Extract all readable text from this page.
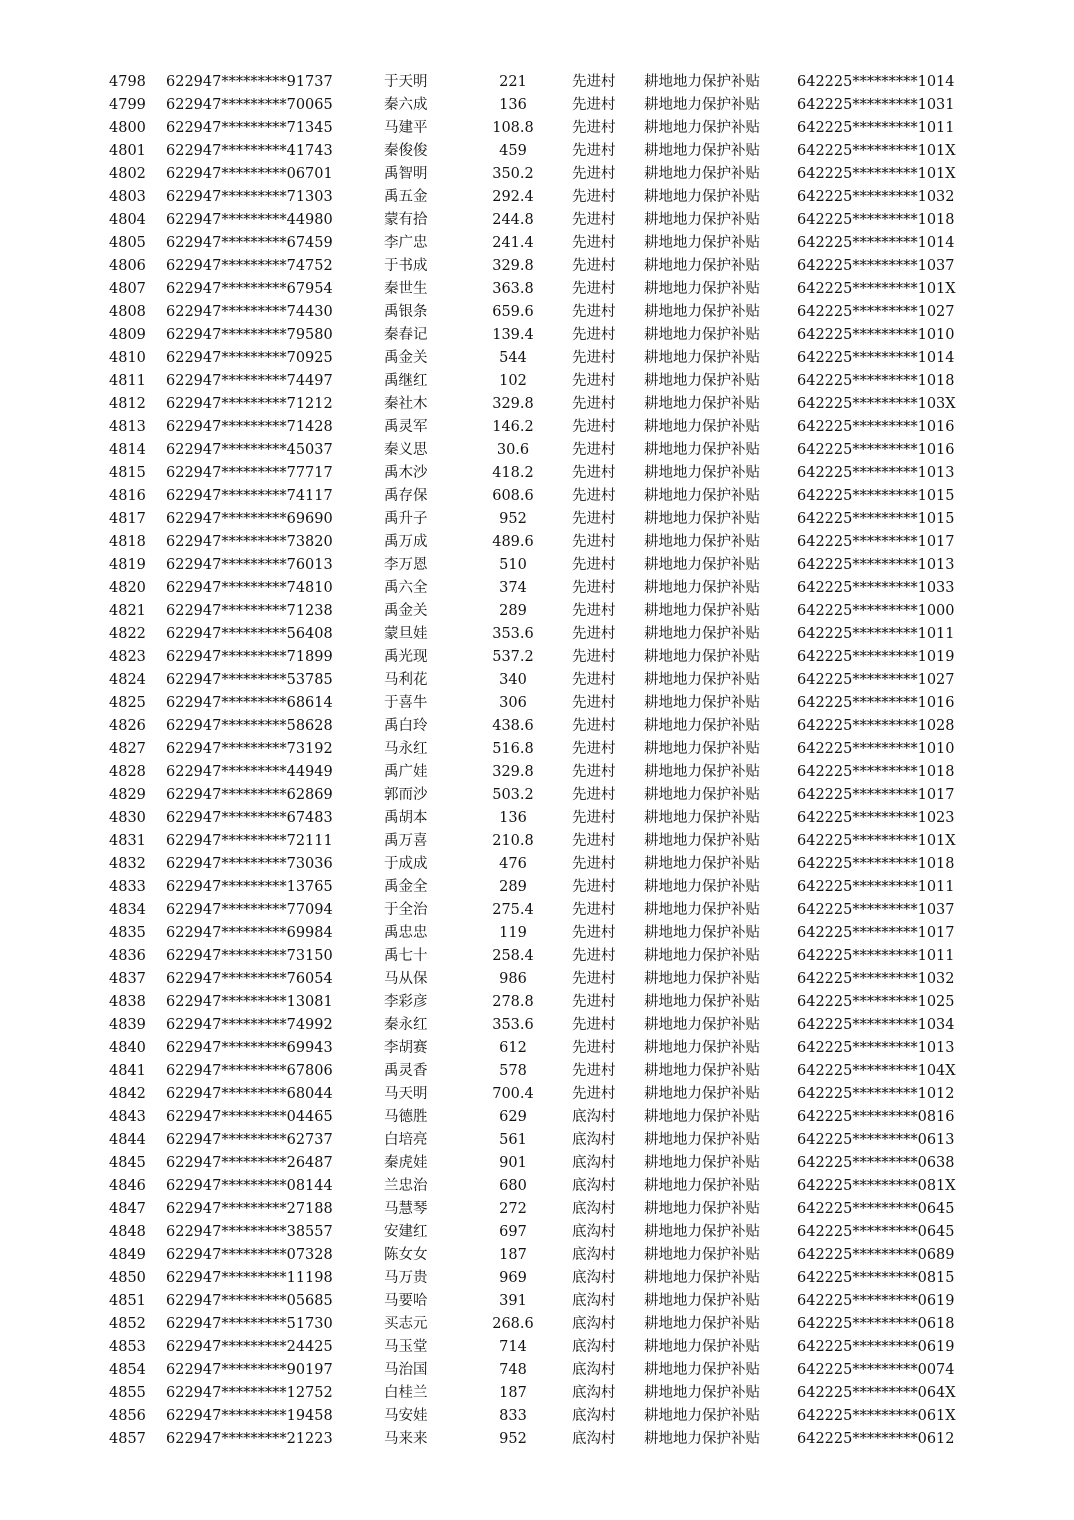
4798 622947*********91737	于天明	221	先进村 耕地地力保护补贴	642225*********1014
4799 622947*********70065	秦六成	136	先进村 耕地地力保护补贴	642225*********1031
4800 622947*********71345	马建平	108.8	先进村 耕地地力保护补贴	642225*********1011
4801 622947*********41743	秦俊俊	459	先进村 耕地地力保护补贴	642225*********101X
4802 622947*********06701	禹智明	350.2	先进村 耕地地力保护补贴	642225*********101X
4803 622947*********71303	禹五金	292.4	先进村 耕地地力保护补贴	642225*********1032
4804 622947*********44980	蒙有拾	244.8	先进村 耕地地力保护补贴	642225*********1018
4805 622947*********67459	李广忠	241.4	先进村 耕地地力保护补贴	642225*********1014
4806 622947*********74752	于书成	329.8	先进村 耕地地力保护补贴	642225*********1037
4807 622947*********67954	秦世生	363.8	先进村 耕地地力保护补贴	642225*********101X
4808 622947*********74430	禹银条	659.6	先进村 耕地地力保护补贴	642225*********1027
4809 622947*********79580	秦春记	139.4	先进村 耕地地力保护补贴	642225*********1010
4810 622947*********70925	禹金关	544	先进村 耕地地力保护补贴	642225*********1014
4811 622947*********74497	禹继红	102	先进村 耕地地力保护补贴	642225*********1018
4812 622947*********71212	秦社木	329.8	先进村 耕地地力保护补贴	642225*********103X
4813 622947*********71428	禹灵军	146.2	先进村 耕地地力保护补贴	642225*********1016
4814 622947*********45037	秦义思	30.6	先进村 耕地地力保护补贴	642225*********1016
4815 622947*********77717	禹木沙	418.2	先进村 耕地地力保护补贴	642225*********1013
4816 622947*********74117	禹存保	608.6	先进村 耕地地力保护补贴	642225*********1015
4817 622947*********69690	禹升子	952	先进村 耕地地力保护补贴	642225*********1015
4818 622947*********73820	禹万成	489.6	先进村 耕地地力保护补贴	642225*********1017
4819 622947*********76013	李万恩	510	先进村 耕地地力保护补贴	642225*********1013
4820 622947*********74810	禹六全	374	先进村 耕地地力保护补贴	642225*********1033
4821 622947*********71238	禹金关	289	先进村 耕地地力保护补贴	642225*********1000
4822 622947*********56408	蒙旦娃	353.6	先进村 耕地地力保护补贴	642225*********1011
4823 622947*********71899	禹光现	537.2	先进村 耕地地力保护补贴	642225*********1019
4824 622947*********53785	马利花	340	先进村 耕地地力保护补贴	642225*********1027
4825 622947*********68614	于喜牛	306	先进村 耕地地力保护补贴	642225*********1016
4826 622947*********58628	禹白玲	438.6	先进村 耕地地力保护补贴	642225*********1028
4827 622947*********73192	马永红	516.8	先进村 耕地地力保护补贴	642225*********1010
4828 622947*********44949	禹广娃	329.8	先进村 耕地地力保护补贴	642225*********1018
4829 622947*********62869	郭而沙	503.2	先进村 耕地地力保护补贴	642225*********1017
4830 622947*********67483	禹胡本	136	先进村 耕地地力保护补贴	642225*********1023
4831 622947*********72111	禹万喜	210.8	先进村 耕地地力保护补贴	642225*********101X
4832 622947*********73036	于成成	476	先进村 耕地地力保护补贴	642225*********1018
4833 622947*********13765	禹金全	289	先进村 耕地地力保护补贴	642225*********1011
4834 622947*********77094	于全治	275.4	先进村 耕地地力保护补贴	642225*********1037
4835 622947*********69984	禹忠忠	119	先进村 耕地地力保护补贴	642225*********1017
4836 622947*********73150	禹七十	258.4	先进村 耕地地力保护补贴	642225*********1011
4837 622947*********76054	马从保	986	先进村 耕地地力保护补贴	642225*********1032
4838 622947*********13081	李彩彦	278.8	先进村 耕地地力保护补贴	642225*********1025
4839 622947*********74992	秦永红	353.6	先进村 耕地地力保护补贴	642225*********1034
4840 622947*********69943	李胡赛	612	先进村 耕地地力保护补贴	642225*********1013
4841 622947*********67806	禹灵香	578	先进村 耕地地力保护补贴	642225*********104X
4842 622947*********68044	马天明	700.4	先进村 耕地地力保护补贴	642225*********1012
4843 622947*********04465	马德胜	629	底沟村 耕地地力保护补贴	642225*********0816
4844 622947*********62737	白培亮	561	底沟村 耕地地力保护补贴	642225*********0613
4845 622947*********26487	秦虎娃	901	底沟村 耕地地力保护补贴	642225*********0638
4846 622947*********08144	兰忠治	680	底沟村 耕地地力保护补贴	642225*********081X
4847 622947*********27188	马慧琴	272	底沟村 耕地地力保护补贴	642225*********0645
4848 622947*********38557	安建红	697	底沟村 耕地地力保护补贴	642225*********0645
4849 622947*********07328	陈女女	187	底沟村 耕地地力保护补贴	642225*********0689
4850 622947*********11198	马万贵	969	底沟村 耕地地力保护补贴	642225*********0815
4851 622947*********05685	马要哈	391	底沟村 耕地地力保护补贴	642225*********0619
4852 622947*********51730	买志元	268.6	底沟村 耕地地力保护补贴	642225*********0618
4853 622947*********24425	马玉堂	714	底沟村 耕地地力保护补贴	642225*********0619
4854 622947*********90197	马治国	748	底沟村 耕地地力保护补贴	642225*********0074
4855 622947*********12752	白桂兰	187	底沟村 耕地地力保护补贴	642225*********064X
4856 622947*********19458	马安娃	833	底沟村 耕地地力保护补贴	642225*********061X
4857 622947*********21223	马来来	952	底沟村 耕地地力保护补贴	642225*********0612
